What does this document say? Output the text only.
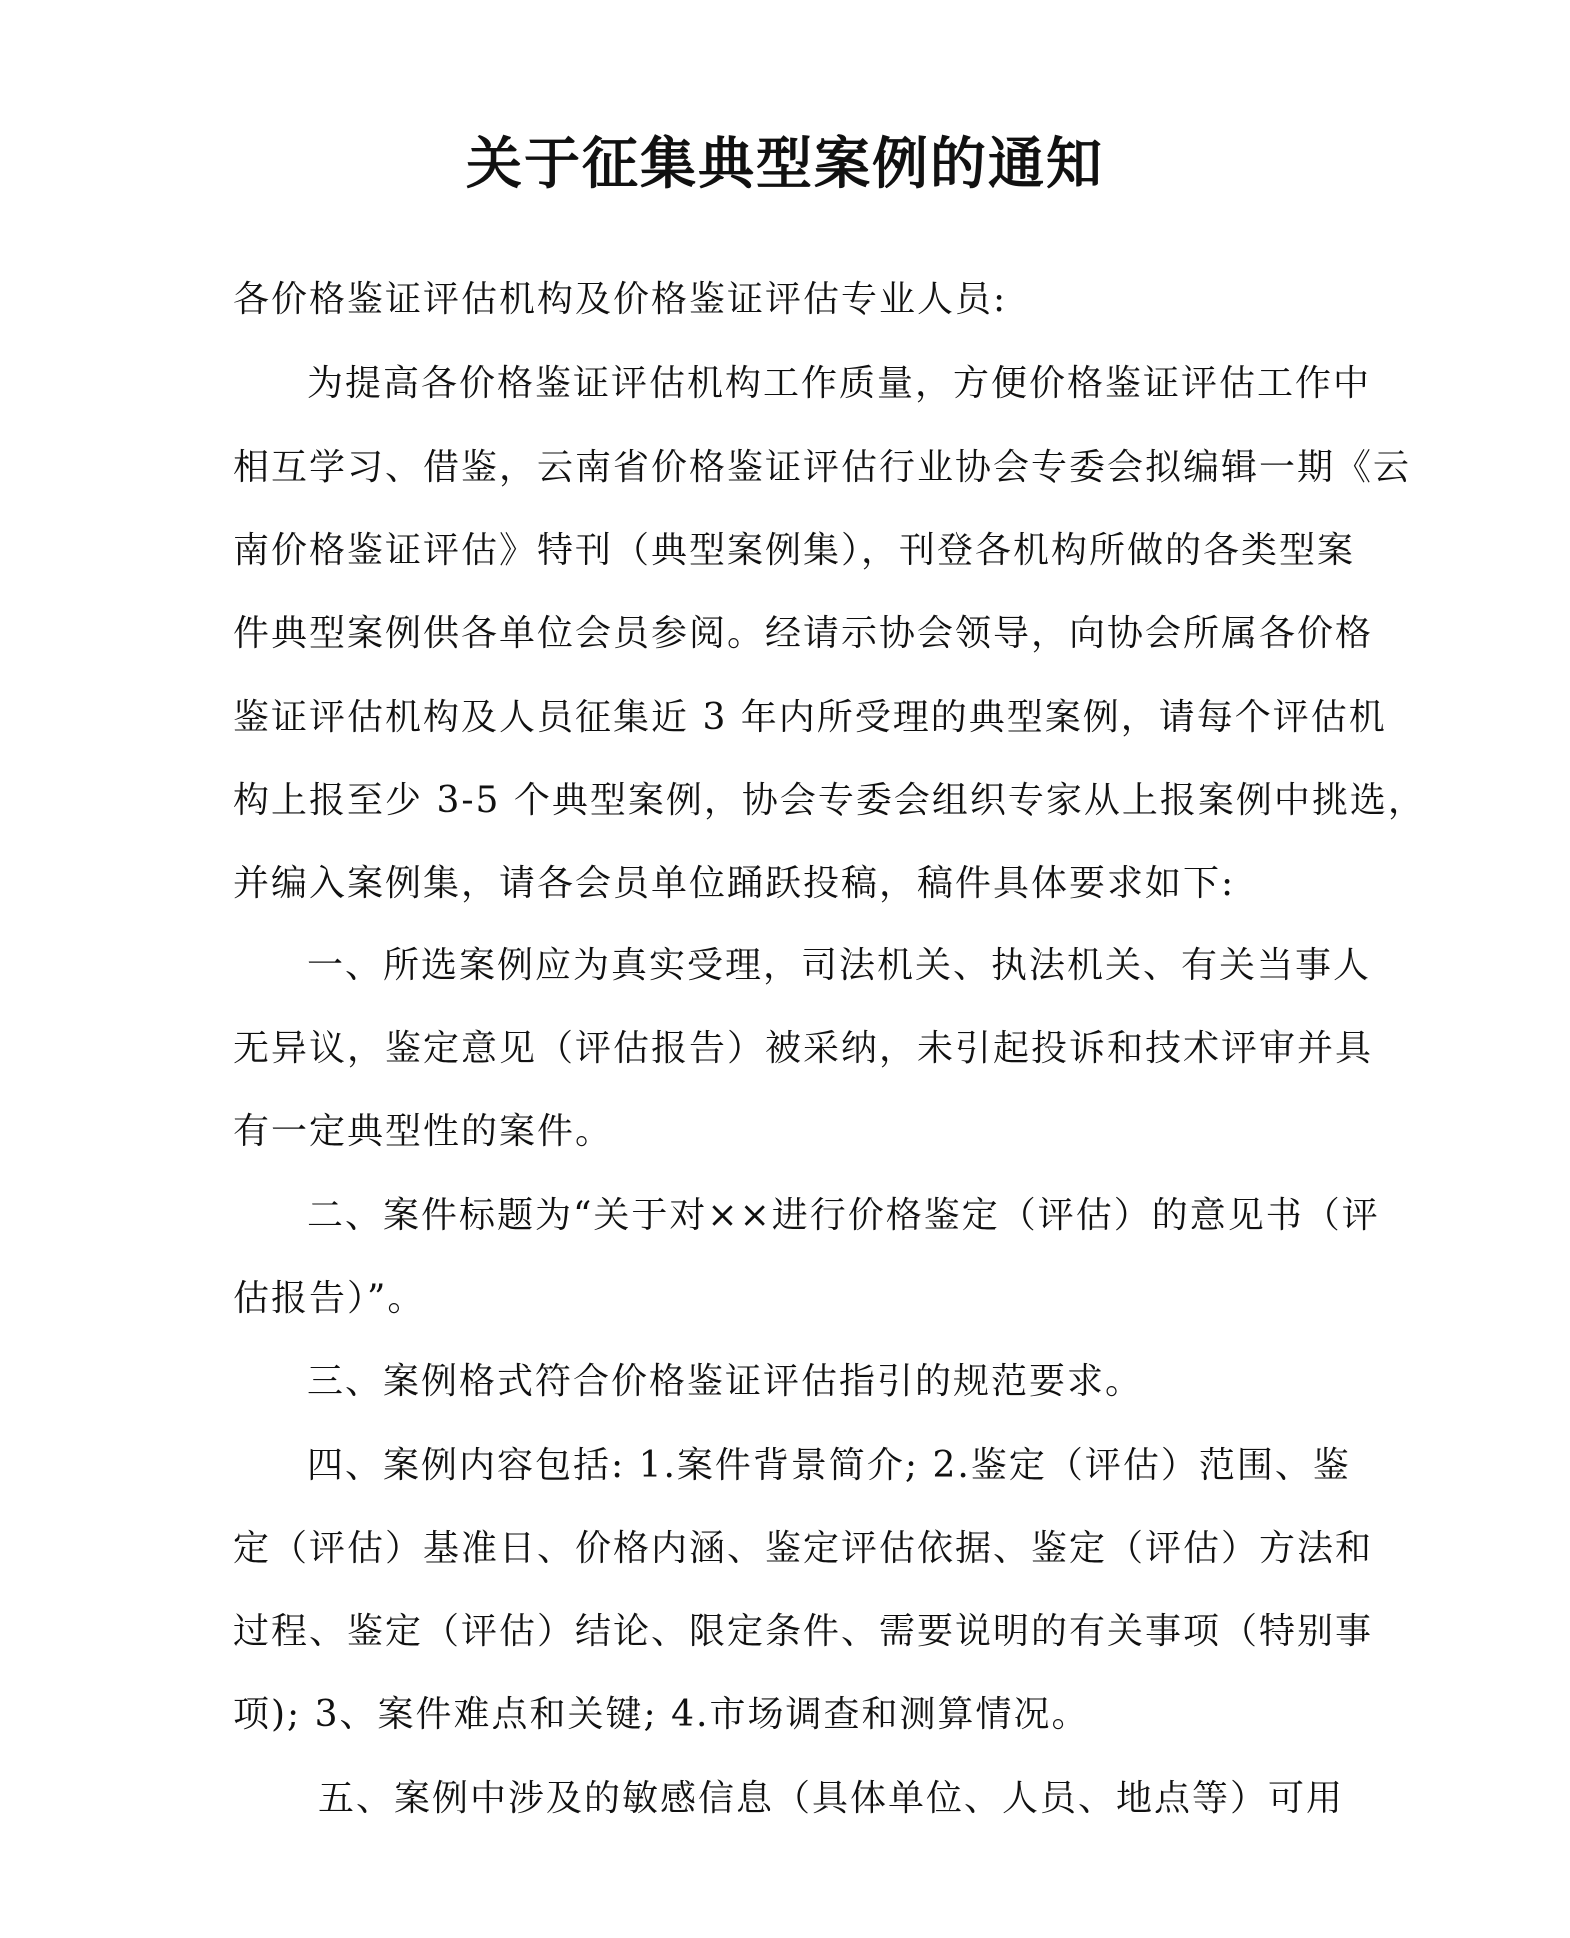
关于征集典型案例的通知
各价格鉴证评估机构及价格鉴证评估专业人员:
为提高各价格鉴证评估机构工作质量，方便价格鉴证评估工作中
相互学习、借鉴，云南省价格鉴证评估行业协会专委会拟编辑一期《云
南价格鉴证评估》特刊（典型案例集），刊登各机构所做的各类型案
件典型案例供各单位会员参阅。经请示协会领导，向协会所属各价格
鉴证评估机构及人员征集近 3 年内所受理的典型案例，请每个评估机
构上报至少 3-5 个典型案例，协会专委会组织专家从上报案例中挑选，
并编入案例集，请各会员单位踊跃投稿，稿件具体要求如下:
一、所选案例应为真实受理，司法机关、执法机关、有关当事人
无异议，鉴定意见（评估报告）被采纳，未引起投诉和技术评审并具
有一定典型性的案件。
二、案件标题为“关于对××进行价格鉴定（评估）的意见书（评
估报告）”。
三、案例格式符合价格鉴证评估指引的规范要求。
四、案例内容包括: 1.案件背景简介; 2.鉴定（评估）范围、鉴
定（评估）基准日、价格内涵、鉴定评估依据、鉴定（评估）方法和
过程、鉴定（评估）结论、限定条件、需要说明的有关事项（特别事
项); 3、案件难点和关键; 4.市场调查和测算情况。
五、案例中涉及的敏感信息（具体单位、人员、地点等）可用
